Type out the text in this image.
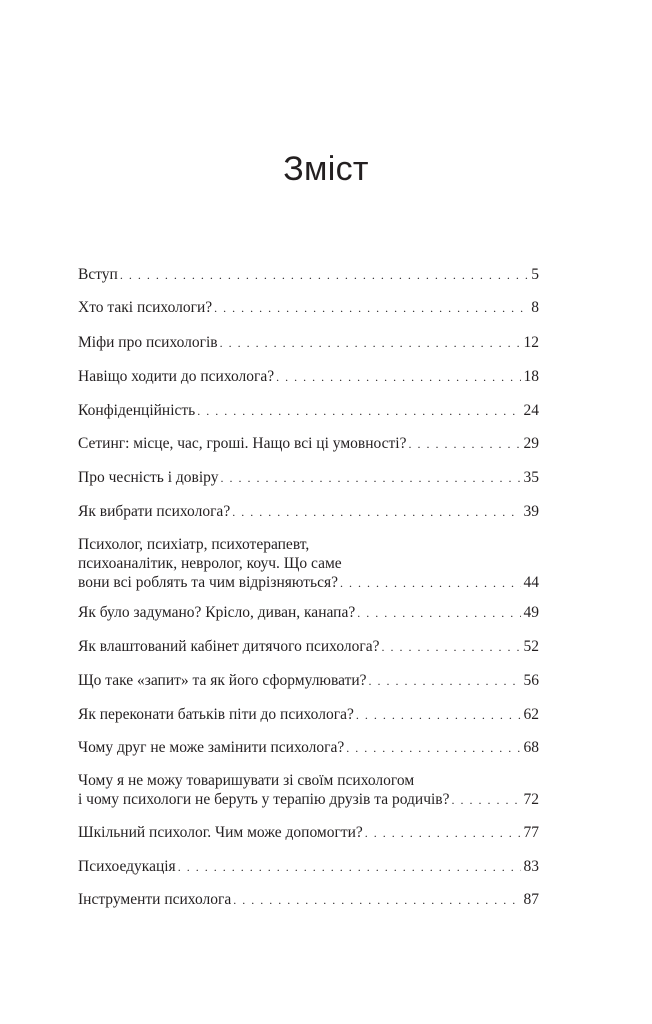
Зміст
Вступ . . .	5
Хто такі психологи? . . .	8
Міфи про психологів . . .	12
Навіщо ходити до психолога? . . .	18
Конфіденційність . . .	24
Сетинг: місце, час, гроші. Нащо всі ці умовності? . . .	29
Про чесність і довіру . . .	35
Як вибрати психолога? . . .	39
Психолог, психіатр, психотерапевт,
психоаналітик, невролог, коуч. Що саме
вони всі роблять та чим відрізняються? . . .	44
Як було задумано? Крісло, диван, канапа? . . .	49
Як влаштований кабінет дитячого психолога? . . .	52
Що таке «запит» та як його сформулювати? . . .	56
Як переконати батьків піти до психолога? . . .	62
Чому друг не може замінити психолога? . . .	68
Чому я не можу товаришувати зі своїм психологом
і чому психологи не беруть у терапію друзів та родичів? . . .	72
Шкільний психолог. Чим може допомогти? . . .	77
Психоедукація . . .	83
Інструменти психолога . . .	87
